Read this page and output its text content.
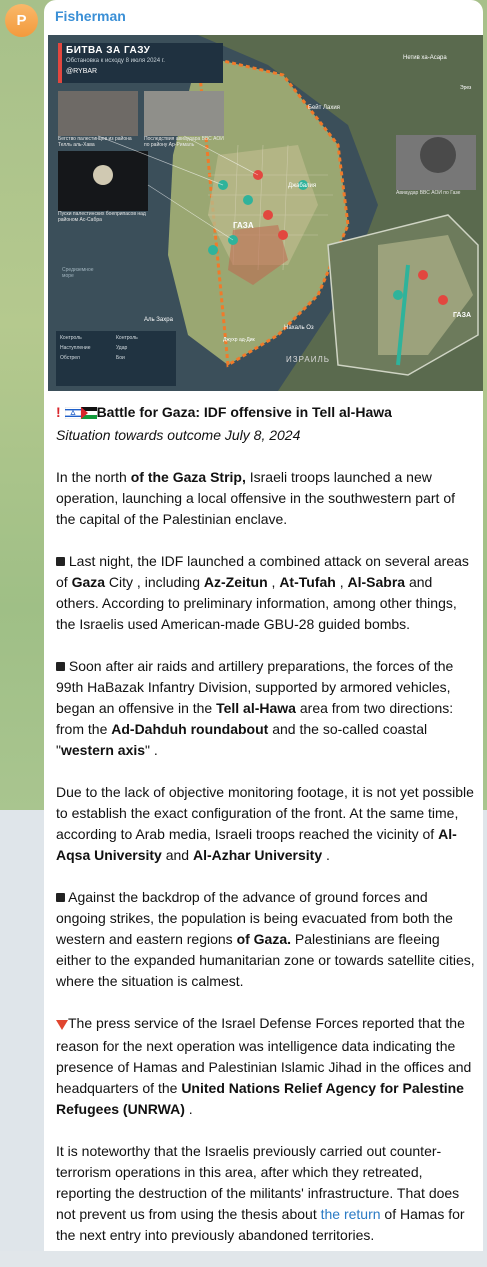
P Fisherman
БИТВА ЗА ГАЗУ
Обстановка к исходу 8 июля 2024 г.
@RYBAR
Бегство палестинцев из района Телль аль-Хава
Последствия авиаудара ВВС АОИ по району Ар-Рималь
Пуски палестинских боеприпасов над районом Ас-Сабра
Авиаудар ВВС АОИ по Газе
ГАЗА
ГАЗА
ИЗРАИЛЬ
Средиземное море
Нахаль Оз
Аль Захра
Нетив ха-Асара
Эрез
Бейт Лахия
Джабалия
Джухр ад-Дик
Контроль	Контроль
Наступление	Удар
Обстрел	Бои

!	Battle for Gaza: IDF offensive in Tell al-Hawa
Situation towards outcome July 8, 2024

In the north of the Gaza Strip, Israeli troops launched a new operation, launching a local offensive in the southwestern part of the capital of the Palestinian enclave.

Last night, the IDF launched a combined attack on several areas of Gaza City , including Az-Zeitun , At-Tufah , Al-Sabra and others. According to preliminary information, among other things, the Israelis used American-made GBU-28 guided bombs.

Soon after air raids and artillery preparations, the forces of the 99th HaBazak Infantry Division, supported by armored vehicles, began an offensive in the Tell al-Hawa area from two directions: from the Ad-Dahduh roundabout and the so-called coastal "western axis" .

Due to the lack of objective monitoring footage, it is not yet possible to establish the exact configuration of the front. At the same time, according to Arab media, Israeli troops reached the vicinity of Al-Aqsa University and Al-Azhar University .

Against the backdrop of the advance of ground forces and ongoing strikes, the population is being evacuated from both the western and eastern regions of Gaza. Palestinians are fleeing either to the expanded humanitarian zone or towards satellite cities, where the situation is calmest.

The press service of the Israel Defense Forces reported that the reason for the next operation was intelligence data indicating the presence of Hamas and Palestinian Islamic Jihad in the offices and headquarters of the United Nations Relief Agency for Palestine Refugees (UNRWA) .

It is noteworthy that the Israelis previously carried out counter-terrorism operations in this area, after which they retreated, reporting the destruction of the militants' infrastructure. That does not prevent us from using the thesis about the return of Hamas for the next entry into previously abandoned territories.
